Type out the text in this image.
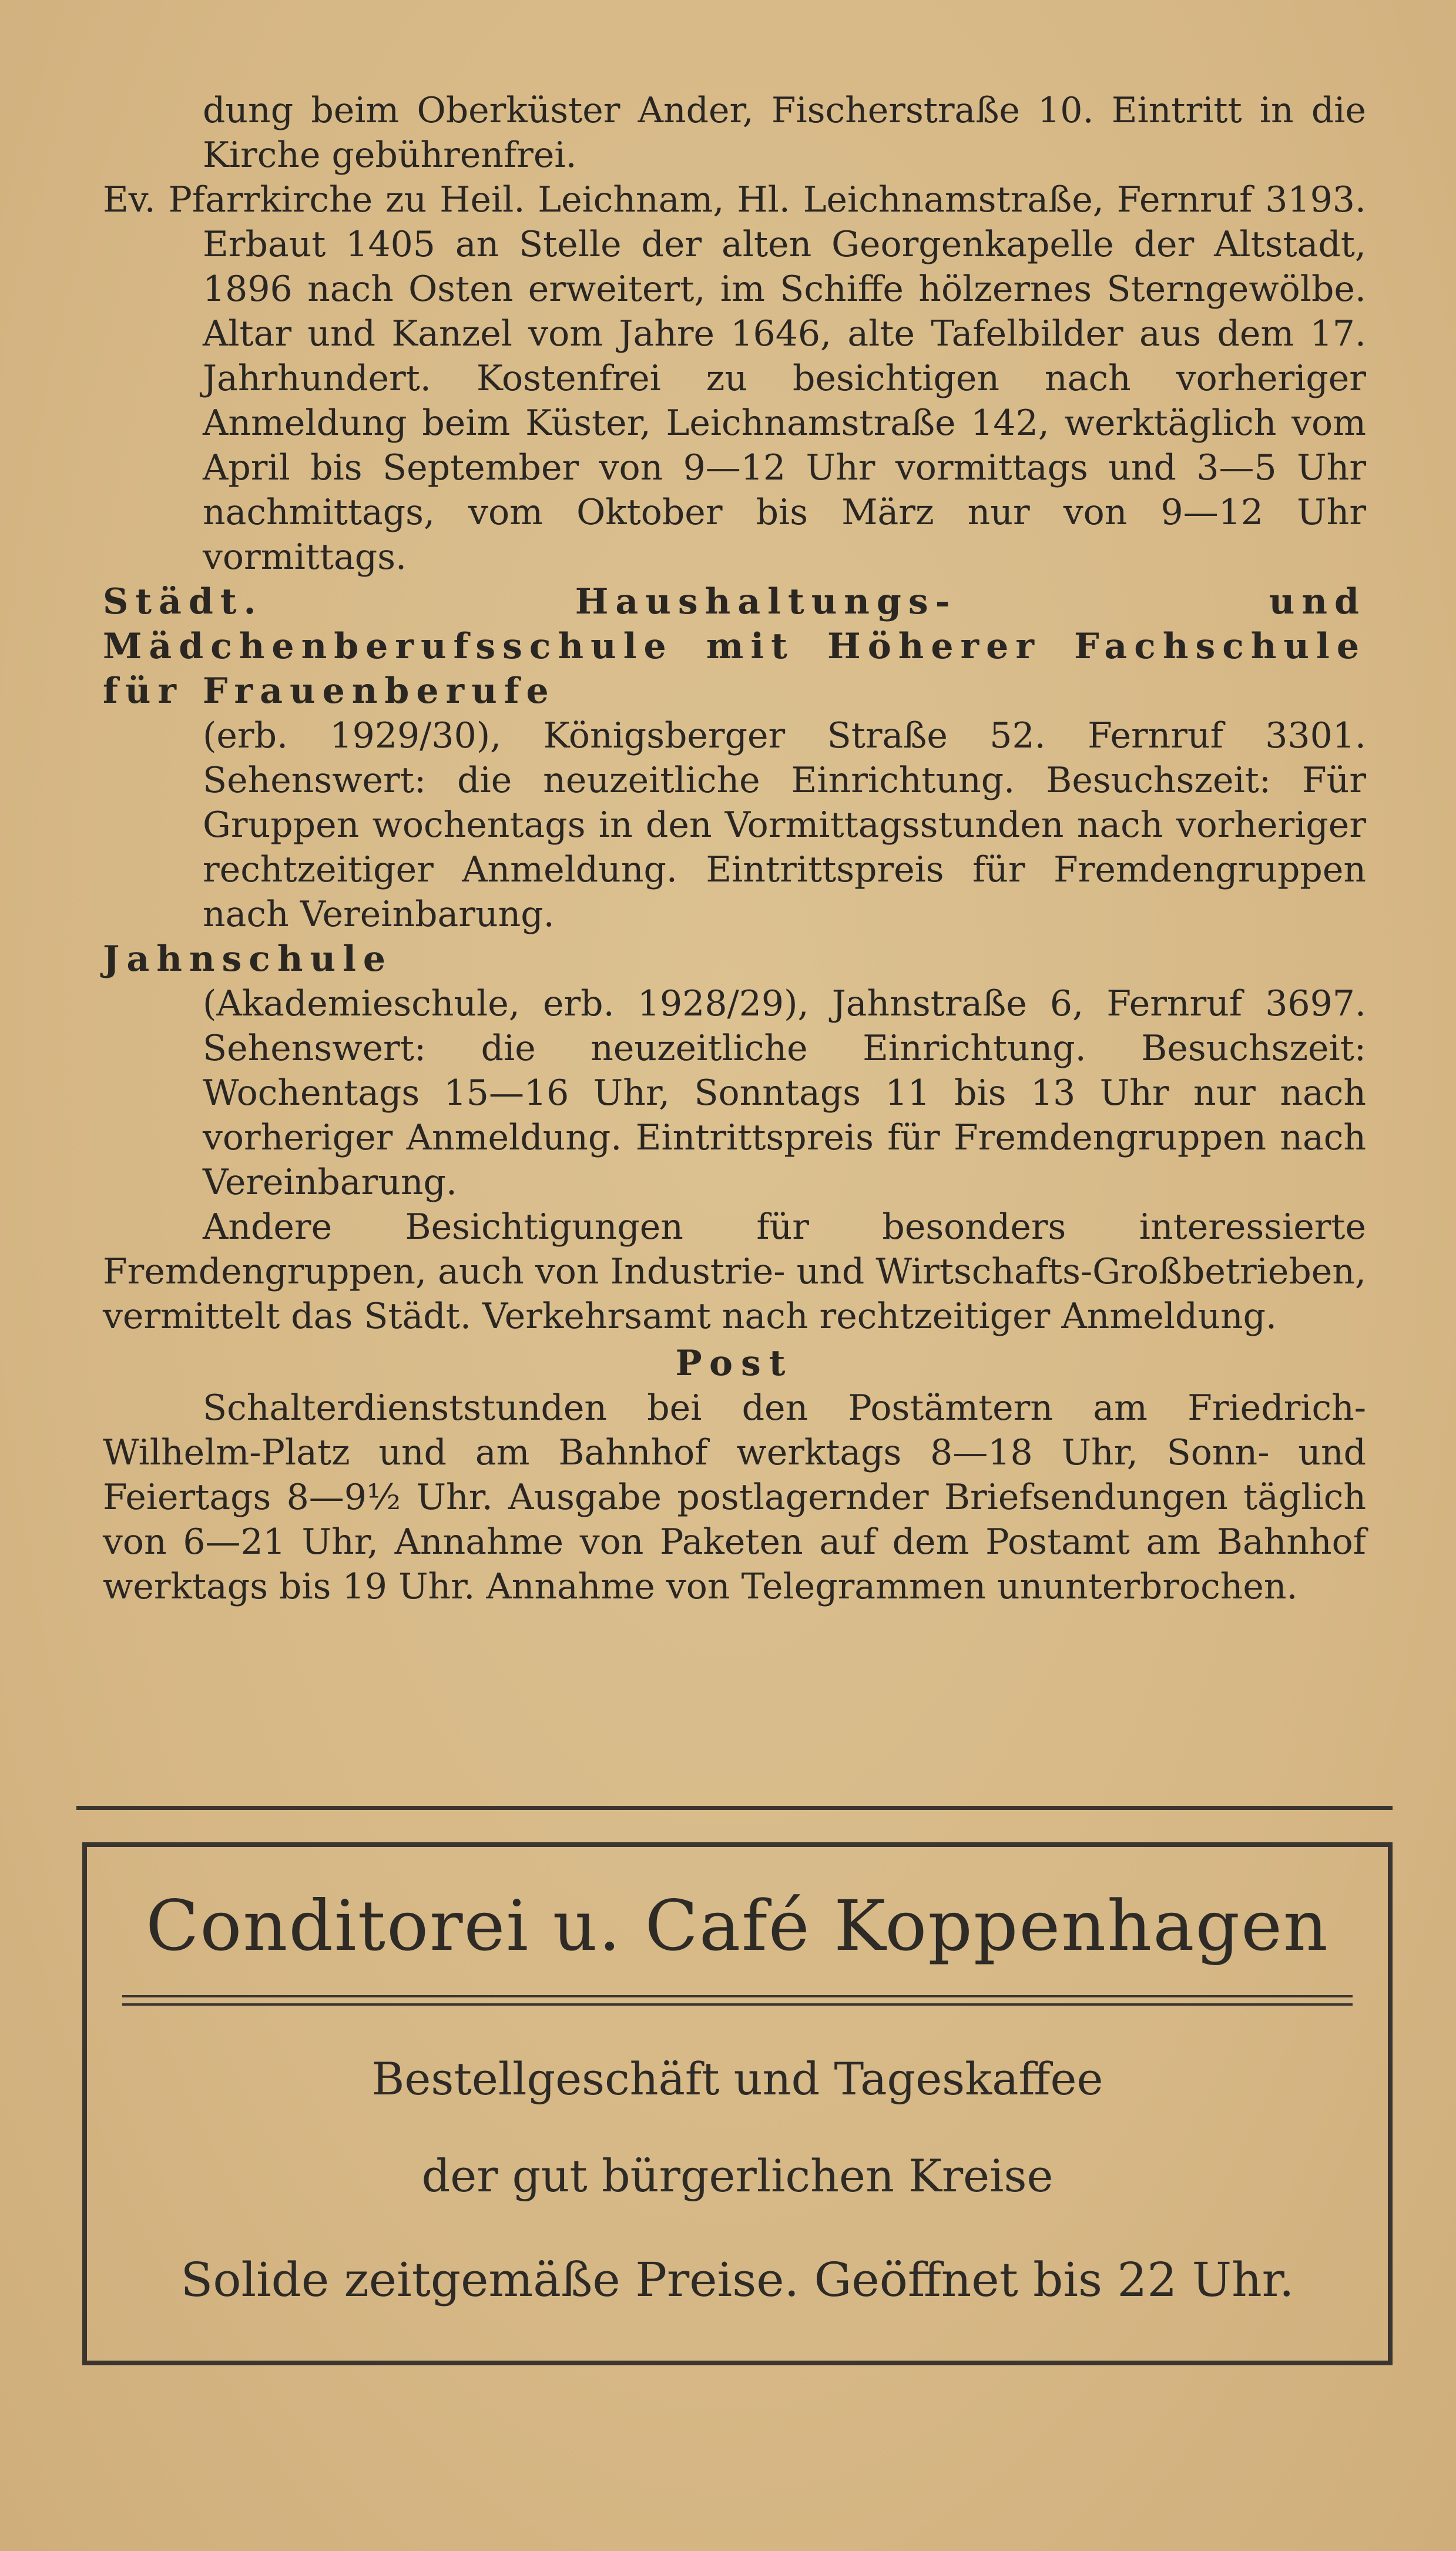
dung beim Oberküster Ander, Fischerstraße 10. Eintritt in die Kirche gebührenfrei.

Ev. Pfarrkirche zu Heil. Leichnam, Hl. Leichnamstraße, Fernruf 3193. Erbaut 1405 an Stelle der alten Georgenkapelle der Altstadt, 1896 nach Osten erweitert, im Schiffe hölzernes Sterngewölbe. Altar und Kanzel vom Jahre 1646, alte Tafelbilder aus dem 17. Jahrhundert. Kostenfrei zu besichtigen nach vorheriger Anmeldung beim Küster, Leichnamstraße 142, werktäglich vom April bis September von 9—12 Uhr vormittags und 3—5 Uhr nachmittags, vom Oktober bis März nur von 9—12 Uhr vormittags.

Städt. Haushaltungs- und Mädchenberufsschule mit Höherer Fachschule für Frauenberufe

(erb. 1929/30), Königsberger Straße 52. Fernruf 3301. Sehenswert: die neuzeitliche Einrichtung. Besuchszeit: Für Gruppen wochentags in den Vormittagsstunden nach vorheriger rechtzeitiger Anmeldung. Eintrittspreis für Fremdengruppen nach Vereinbarung.

Jahnschule

(Akademieschule, erb. 1928/29), Jahnstraße 6, Fernruf 3697. Sehenswert: die neuzeitliche Einrichtung. Besuchszeit: Wochentags 15—16 Uhr, Sonntags 11 bis 13 Uhr nur nach vorheriger Anmeldung. Eintrittspreis für Fremdengruppen nach Vereinbarung.

Andere Besichtigungen für besonders interessierte Fremdengruppen, auch von Industrie- und Wirtschafts-Großbetrieben, vermittelt das Städt. Verkehrsamt nach rechtzeitiger Anmeldung.

Post

Schalterdienststunden bei den Postämtern am Friedrich-Wilhelm-Platz und am Bahnhof werktags 8—18 Uhr, Sonn- und Feiertags 8—9½ Uhr. Ausgabe postlagernder Briefsendungen täglich von 6—21 Uhr, Annahme von Paketen auf dem Postamt am Bahnhof werktags bis 19 Uhr. Annahme von Telegrammen ununterbrochen.

Conditorei u. Café Koppenhagen
Bestellgeschäft und Tageskaffee
der gut bürgerlichen Kreise
Solide zeitgemäße Preise. Geöffnet bis 22 Uhr.
